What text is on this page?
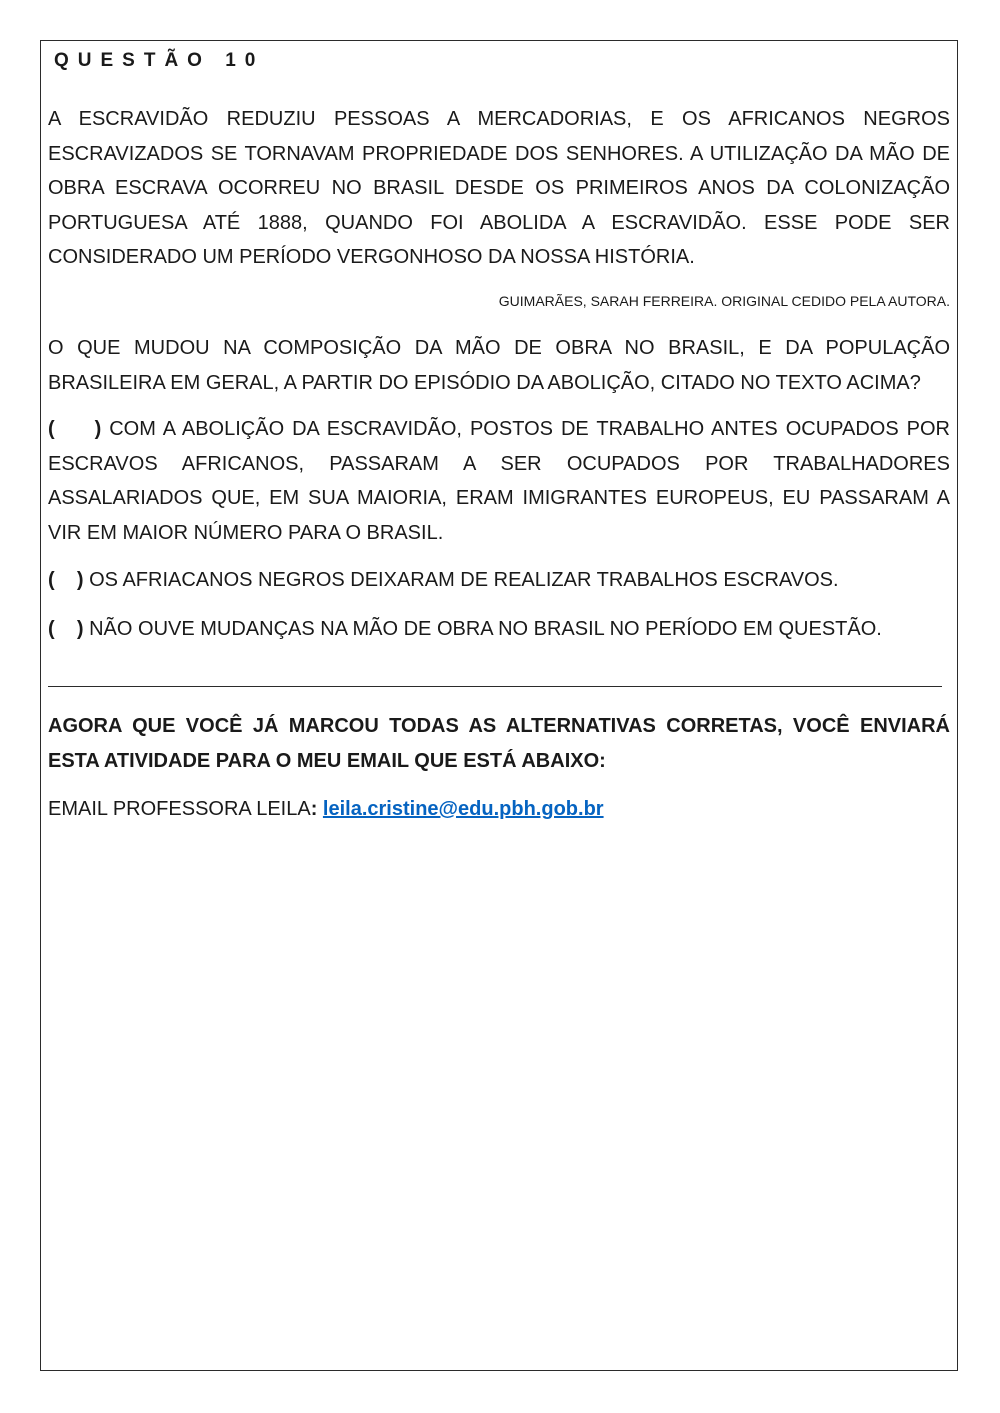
QUESTÃO 10

A ESCRAVIDÃO REDUZIU PESSOAS A MERCADORIAS, E OS AFRICANOS NEGROS ESCRAVIZADOS SE TORNAVAM PROPRIEDADE DOS SENHORES. A UTILIZAÇÃO DA MÃO DE OBRA ESCRAVA OCORREU NO BRASIL DESDE OS PRIMEIROS ANOS DA COLONIZAÇÃO PORTUGUESA ATÉ 1888, QUANDO FOI ABOLIDA A ESCRAVIDÃO. ESSE PODE SER CONSIDERADO UM PERÍODO VERGONHOSO DA NOSSA HISTÓRIA.

GUIMARÃES, SARAH FERREIRA. ORIGINAL CEDIDO PELA AUTORA.

O QUE MUDOU NA COMPOSIÇÃO DA MÃO DE OBRA NO BRASIL, E DA POPULAÇÃO BRASILEIRA EM GERAL, A PARTIR DO EPISÓDIO DA ABOLIÇÃO, CITADO NO TEXTO ACIMA?

(     ) COM A ABOLIÇÃO DA ESCRAVIDÃO, POSTOS DE TRABALHO ANTES OCUPADOS POR ESCRAVOS AFRICANOS, PASSARAM A SER OCUPADOS POR TRABALHADORES ASSALARIADOS QUE, EM SUA MAIORIA, ERAM IMIGRANTES EUROPEUS, EU PASSARAM A VIR EM MAIOR NÚMERO PARA O BRASIL.

(    ) OS AFRIACANOS NEGROS DEIXARAM DE REALIZAR TRABALHOS ESCRAVOS.

(    ) NÃO OUVE MUDANÇAS NA MÃO DE OBRA NO BRASIL NO PERÍODO EM QUESTÃO.

AGORA QUE VOCÊ JÁ MARCOU TODAS AS ALTERNATIVAS CORRETAS, VOCÊ ENVIARÁ ESTA ATIVIDADE PARA O MEU EMAIL QUE ESTÁ ABAIXO:

EMAIL PROFESSORA LEILA: leila.cristine@edu.pbh.gob.br
